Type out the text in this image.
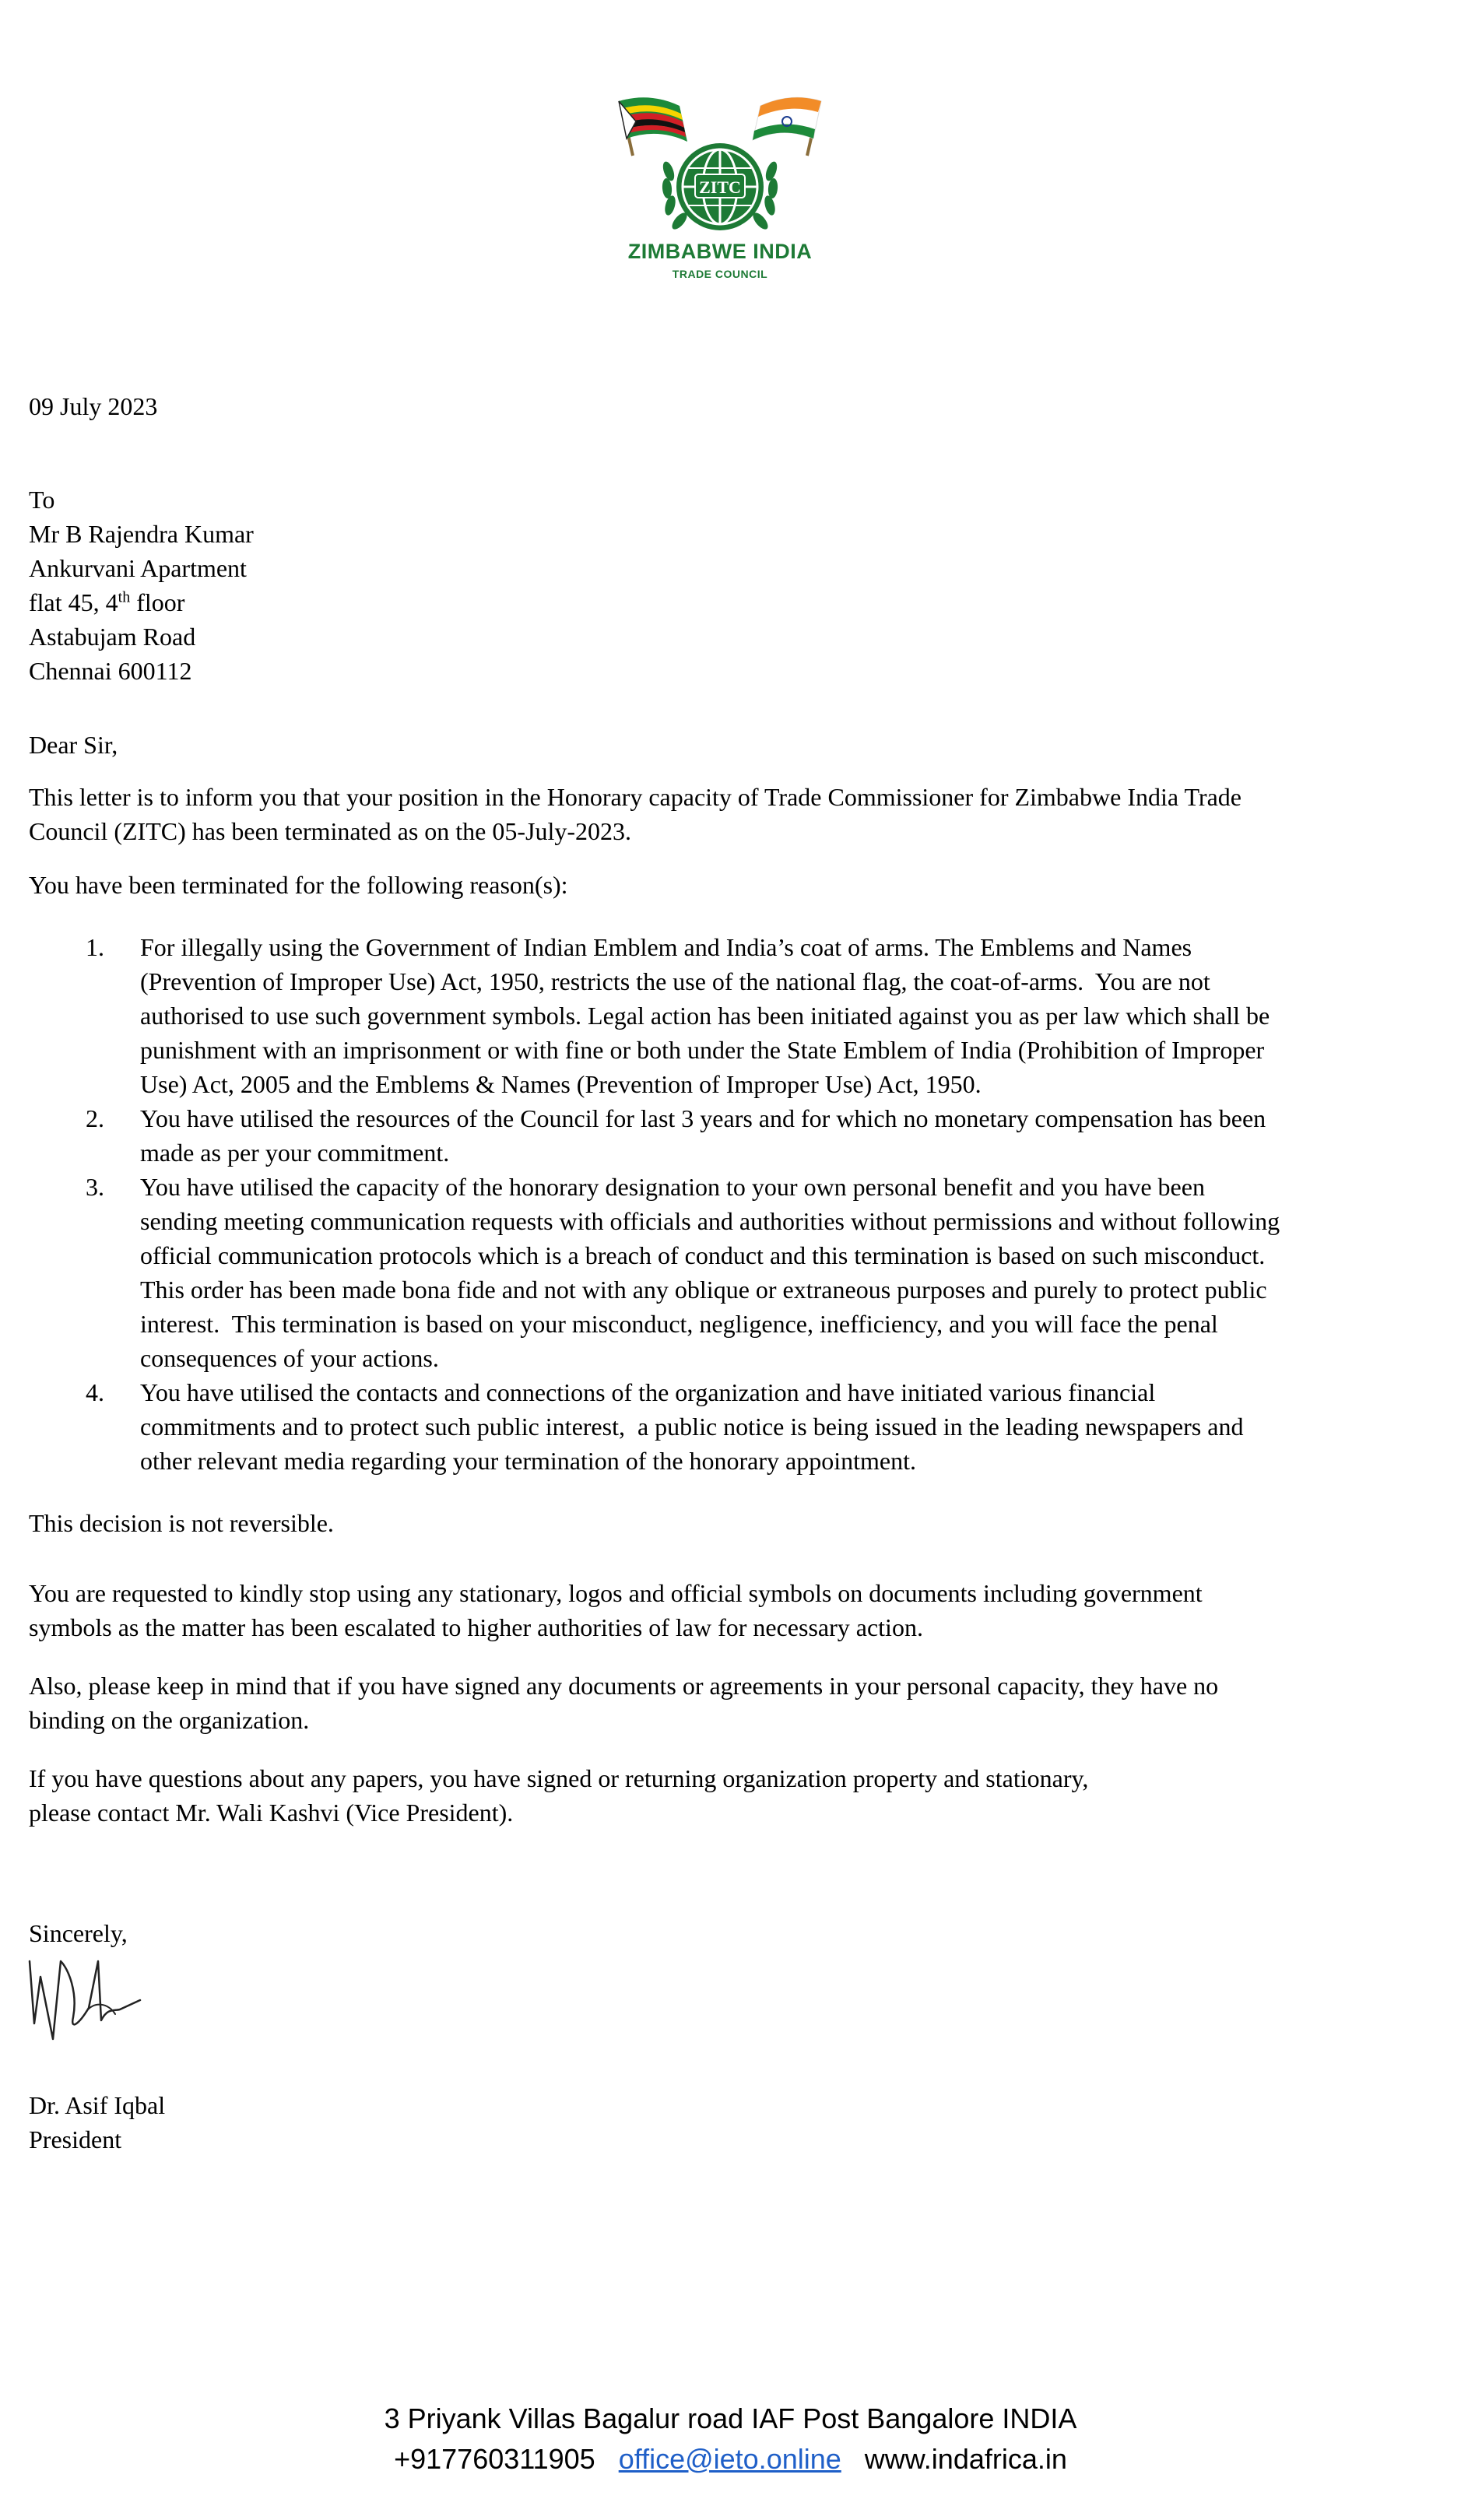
ZITC
ZIMBABWE INDIA
TRADE COUNCIL
09 July 2023
To
Mr B Rajendra Kumar
Ankurvani Apartment
flat 45, 4th floor
Astabujam Road
Chennai 600112
Dear Sir,
This letter is to inform you that your position in the Honorary capacity of Trade Commissioner for Zimbabwe India Trade
Council (ZITC) has been terminated as on the 05-July-2023.
You have been terminated for the following reason(s):
1. For illegally using the Government of Indian Emblem and India’s coat of arms. The Emblems and Names
(Prevention of Improper Use) Act, 1950, restricts the use of the national flag, the coat-of-arms.  You are not
authorised to use such government symbols. Legal action has been initiated against you as per law which shall be
punishment with an imprisonment or with fine or both under the State Emblem of India (Prohibition of Improper
Use) Act, 2005 and the Emblems & Names (Prevention of Improper Use) Act, 1950.
2. You have utilised the resources of the Council for last 3 years and for which no monetary compensation has been
made as per your commitment.
3. You have utilised the capacity of the honorary designation to your own personal benefit and you have been
sending meeting communication requests with officials and authorities without permissions and without following
official communication protocols which is a breach of conduct and this termination is based on such misconduct.
This order has been made bona fide and not with any oblique or extraneous purposes and purely to protect public
interest.  This termination is based on your misconduct, negligence, inefficiency, and you will face the penal
consequences of your actions.
4. You have utilised the contacts and connections of the organization and have initiated various financial
commitments and to protect such public interest,  a public notice is being issued in the leading newspapers and
other relevant media regarding your termination of the honorary appointment.
This decision is not reversible.
You are requested to kindly stop using any stationary, logos and official symbols on documents including government
symbols as the matter has been escalated to higher authorities of law for necessary action.
Also, please keep in mind that if you have signed any documents or agreements in your personal capacity, they have no
binding on the organization.
If you have questions about any papers, you have signed or returning organization property and stationary,
please contact Mr. Wali Kashvi (Vice President).
Sincerely,
Dr. Asif Iqbal
President
3 Priyank Villas Bagalur road IAF Post Bangalore INDIA
+917760311905 office@ieto.online www.indafrica.in
